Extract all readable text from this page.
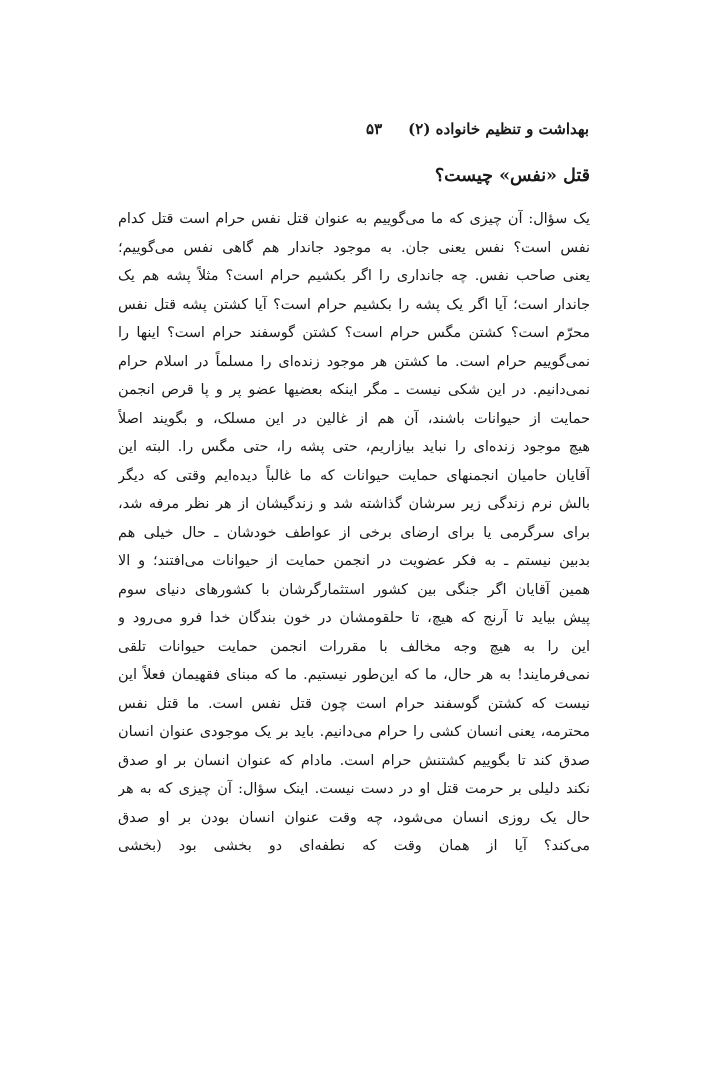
بهداشت و تنظیم خانواده (۲)
۵۳
قتل «نفس» چیست؟
یک سؤال: آن چیزی که ما می‌گوییم به عنوان قتل نفس حرام است قتل کدام
نفس است؟ نفس یعنی جان. به موجود جاندار هم گاهی نفس می‌گوییم؛
یعنی صاحب نفس. چه جانداری را اگر بکشیم حرام است؟ مثلاً پشه هم یک
جاندار است؛ آیا اگر یک پشه را بکشیم حرام است؟ آیا کشتن پشه قتل نفس
محرّم است؟ کشتن مگس حرام است؟ کشتن گوسفند حرام است؟ اینها را
نمی‌گوییم حرام است. ما کشتن هر موجود زنده‌ای را مسلماً در اسلام حرام
نمی‌دانیم. در این شکی نیست ـ مگر اینکه بعضیها عضو پر و پا قرص انجمن
حمایت از حیوانات باشند، آن هم از غالین در این مسلک، و بگویند اصلاً
هیچ موجود زنده‌ای را نباید بیازاریم، حتی پشه را، حتی مگس را. البته این
آقایان حامیان انجمنهای حمایت حیوانات که ما غالباً دیده‌ایم وقتی که دیگر
بالش نرم زندگی زیر سرشان گذاشته شد و زندگیشان از هر نظر مرفه شد،
برای سرگرمی یا برای ارضای برخی از عواطف خودشان ـ حال خیلی هم
بدبین نیستم ـ به فکر عضویت در انجمن حمایت از حیوانات می‌افتند؛ و الا
همین آقایان اگر جنگی بین کشور استثمارگرشان با کشورهای دنیای سوم
پیش بیاید تا آرنج که هیچ، تا حلقومشان در خون بندگان خدا فرو می‌رود و
این را به هیچ وجه مخالف با مقررات انجمن حمایت حیوانات تلقی
نمی‌فرمایند! به هر حال، ما که این‌طور نیستیم. ما که مبنای فقهیمان فعلاً این
نیست که کشتن گوسفند حرام است چون قتل نفس است. ما قتل نفس
محترمه، یعنی انسان کشی را حرام می‌دانیم. باید بر یک موجودی عنوان انسان
صدق کند تا بگوییم کشتنش حرام است. مادام که عنوان انسان بر او صدق
نکند دلیلی بر حرمت قتل او در دست نیست. اینک سؤال: آن چیزی که به هر
حال یک روزی انسان می‌شود، چه وقت عنوان انسان بودن بر او صدق
می‌کند؟ آیا از همان وقت که نطفه‌ای دو بخشی بود (بخشی
